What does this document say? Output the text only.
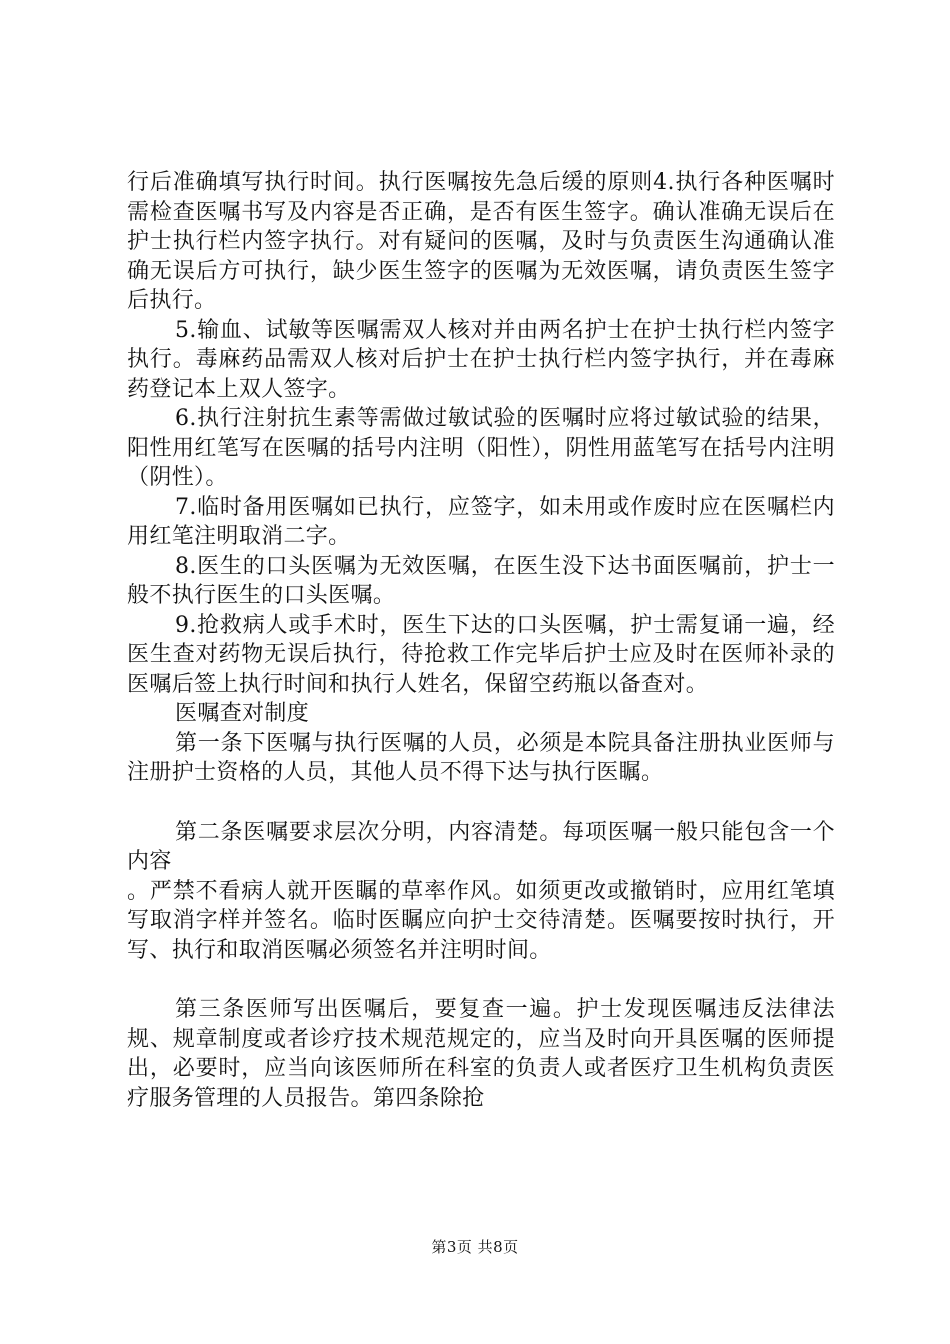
行后准确填写执行时间。执行医嘱按先急后缓的原则4.执行各种医嘱时需检查医嘱书写及内容是否正确，是否有医生签字。确认准确无误后在护士执行栏内签字执行。对有疑问的医嘱，及时与负责医生沟通确认准确无误后方可执行，缺少医生签字的医嘱为无效医嘱，请负责医生签字后执行。

5.输血、试敏等医嘱需双人核对并由两名护士在护士执行栏内签字执行。毒麻药品需双人核对后护士在护士执行栏内签字执行，并在毒麻药登记本上双人签字。

6.执行注射抗生素等需做过敏试验的医嘱时应将过敏试验的结果，阳性用红笔写在医嘱的括号内注明（阳性），阴性用蓝笔写在括号内注明（阴性）。

7.临时备用医嘱如已执行，应签字，如未用或作废时应在医嘱栏内用红笔注明取消二字。

8.医生的口头医嘱为无效医嘱，在医生没下达书面医嘱前，护士一般不执行医生的口头医嘱。

9.抢救病人或手术时，医生下达的口头医嘱，护士需复诵一遍，经医生查对药物无误后执行，待抢救工作完毕后护士应及时在医师补录的医嘱后签上执行时间和执行人姓名，保留空药瓶以备查对。

医嘱查对制度

第一条下医嘱与执行医嘱的人员，必须是本院具备注册执业医师与注册护士资格的人员，其他人员不得下达与执行医瞩。

第二条医嘱要求层次分明，内容清楚。每项医嘱一般只能包含一个内容

。严禁不看病人就开医瞩的草率作风。如须更改或撤销时，应用红笔填写取消字样并签名。临时医瞩应向护士交待清楚。医嘱要按时执行，开写、执行和取消医嘱必须签名并注明时间。

第三条医师写出医嘱后，要复查一遍。护士发现医嘱违反法律法规、规章制度或者诊疗技术规范规定的，应当及时向开具医嘱的医师提出，必要时，应当向该医师所在科室的负责人或者医疗卫生机构负责医疗服务管理的人员报告。第四条除抢

第3页 共8页
